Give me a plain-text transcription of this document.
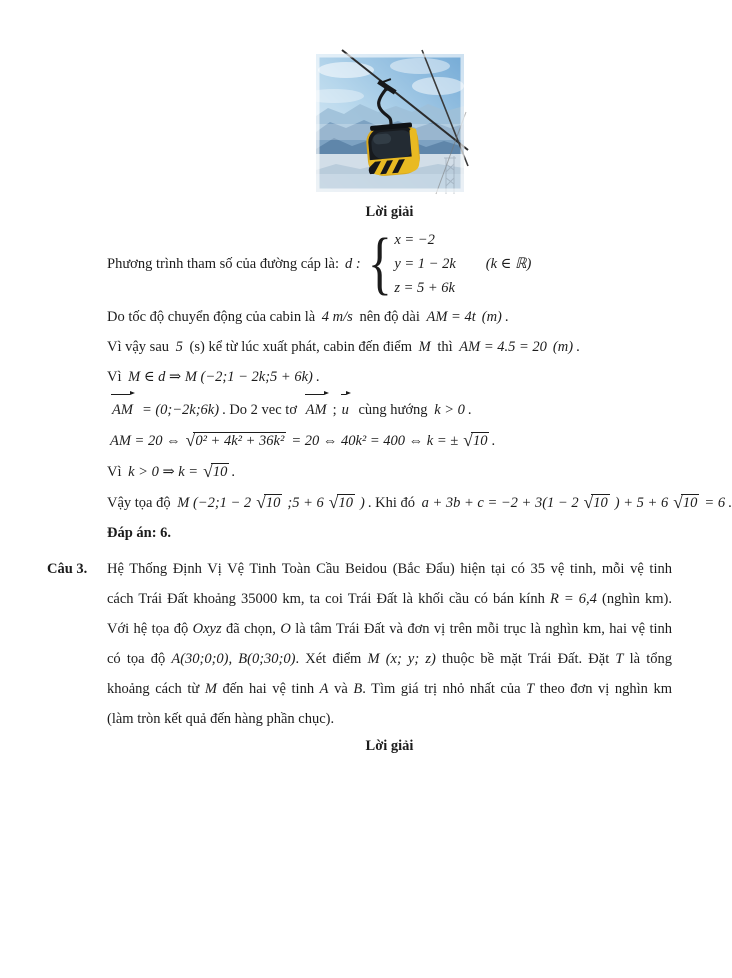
Lời giải
Phương trình tham số của đường cáp là: d : { x = −2
y = 1 − 2k
z = 5 + 6k
(k ∈ ℝ)
Do tốc độ chuyển động của cabin là 4 m/s nên độ dài AM = 4t (m) .
Vì vậy sau 5 (s) kể từ lúc xuất phát, cabin đến điểm M thì AM = 4.5 = 20 (m) .
Vì M ∈ d ⇒ M (−2;1 − 2k;5 + 6k) .
AM = (0;−2k;6k) . Do 2 vec tơ AM ; u cùng hướng k > 0 .
AM = 20 ⇔ √0² + 4k² + 36k² = 20 ⇔ 40k² = 400 ⇔ k = ± √10 .
Vì k > 0 ⇒ k = √10 .
Vậy tọa độ M (−2;1 − 2 √10 ;5 + 6 √10 ) . Khi đó a + 3b + c = −2 + 3(1 − 2 √10 ) + 5 + 6 √10 = 6 .
Đáp án: 6.
Câu 3. Hệ Thống Định Vị Vệ Tinh Toàn Cầu Beidou (Bắc Đẩu) hiện tại có 35 vệ tinh, mỗi vệ tinh
cách Trái Đất khoảng 35000 km, ta coi Trái Đất là khối cầu có bán kính R = 6,4 (nghìn km).
Với hệ tọa độ Oxyz đã chọn, O là tâm Trái Đất và đơn vị trên mỗi trục là nghìn km, hai vệ tinh
có tọa độ A(30;0;0), B(0;30;0). Xét điểm M (x; y; z) thuộc bề mặt Trái Đất. Đặt T là tổng
khoảng cách từ M đến hai vệ tinh A và B. Tìm giá trị nhỏ nhất của T theo đơn vị nghìn km
(làm tròn kết quả đến hàng phần chục).
Lời giải
